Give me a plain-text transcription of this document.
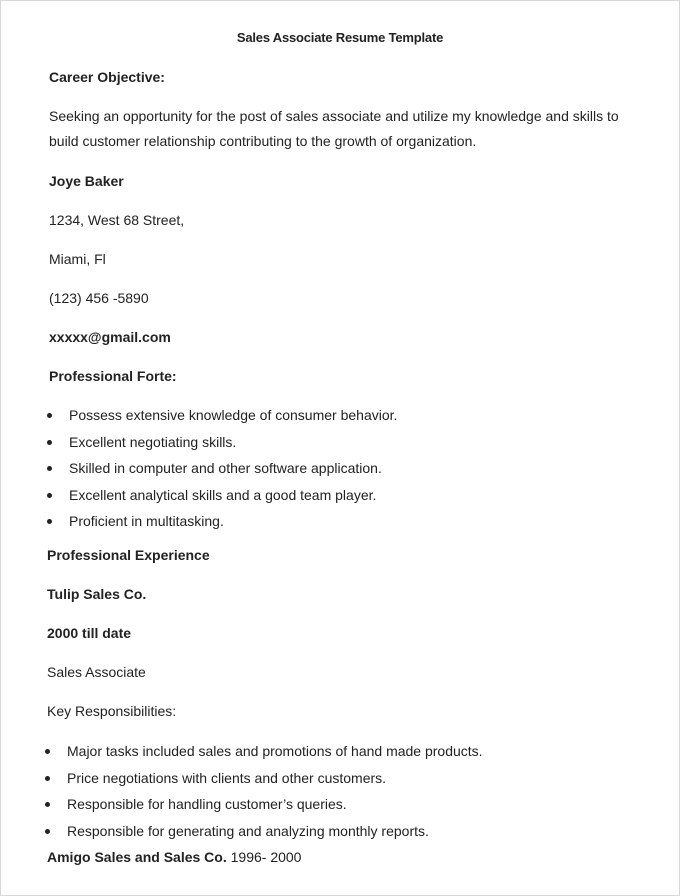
Sales Associate Resume Template
Career Objective:
Seeking an opportunity for the post of sales associate and utilize my knowledge and skills to build customer relationship contributing to the growth of organization.
Joye Baker
1234, West 68 Street,
Miami, Fl
(123) 456 -5890
xxxxx@gmail.com
Professional Forte:
Possess extensive knowledge of consumer behavior.
Excellent negotiating skills.
Skilled in computer and other software application.
Excellent analytical skills and a good team player.
Proficient in multitasking.
Professional Experience
Tulip Sales Co.
2000 till date
Sales Associate
Key Responsibilities:
Major tasks included sales and promotions of hand made products.
Price negotiations with clients and other customers.
Responsible for handling customer’s queries.
Responsible for generating and analyzing monthly reports.
Amigo Sales and Sales Co. 1996- 2000
